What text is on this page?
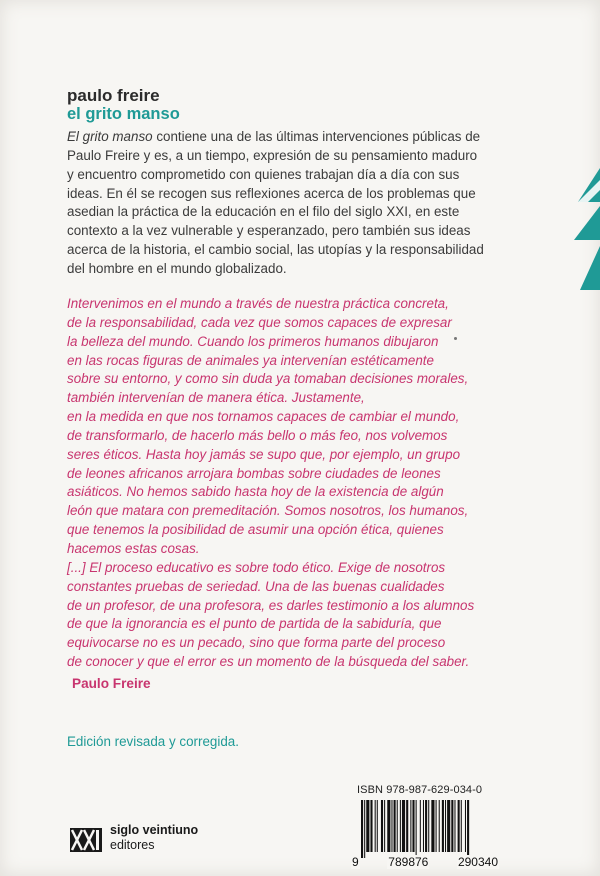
paulo freire
el grito manso

El grito manso contiene una de las últimas intervenciones públicas de Paulo Freire y es, a un tiempo, expresión de su pensamiento maduro y encuentro comprometido con quienes trabajan día a día con sus ideas. En él se recogen sus reflexiones acerca de los problemas que asedian la práctica de la educación en el filo del siglo XXI, en este contexto a la vez vulnerable y esperanzado, pero también sus ideas acerca de la historia, el cambio social, las utopías y la responsabilidad del hombre en el mundo globalizado.

Intervenimos en el mundo a través de nuestra práctica concreta,
de la responsabilidad, cada vez que somos capaces de expresar
la belleza del mundo. Cuando los primeros humanos dibujaron
en las rocas figuras de animales ya intervenían estéticamente
sobre su entorno, y como sin duda ya tomaban decisiones morales,
también intervenían de manera ética. Justamente,
en la medida en que nos tornamos capaces de cambiar el mundo,
de transformarlo, de hacerlo más bello o más feo, nos volvemos
seres éticos. Hasta hoy jamás se supo que, por ejemplo, un grupo
de leones africanos arrojara bombas sobre ciudades de leones
asiáticos. No hemos sabido hasta hoy de la existencia de algún
león que matara con premeditación. Somos nosotros, los humanos,
que tenemos la posibilidad de asumir una opción ética, quienes
hacemos estas cosas.
[...] El proceso educativo es sobre todo ético. Exige de nosotros
constantes pruebas de seriedad. Una de las buenas cualidades
de un profesor, de una profesora, es darles testimonio a los alumnos
de que la ignorancia es el punto de partida de la sabiduría, que
equivocarse no es un pecado, sino que forma parte del proceso
de conocer y que el error es un momento de la búsqueda del saber.
Paulo Freire
Edición revisada y corregida.
siglo veintiuno
editores
ISBN 978-987-629-034-0
9 789876 290340
